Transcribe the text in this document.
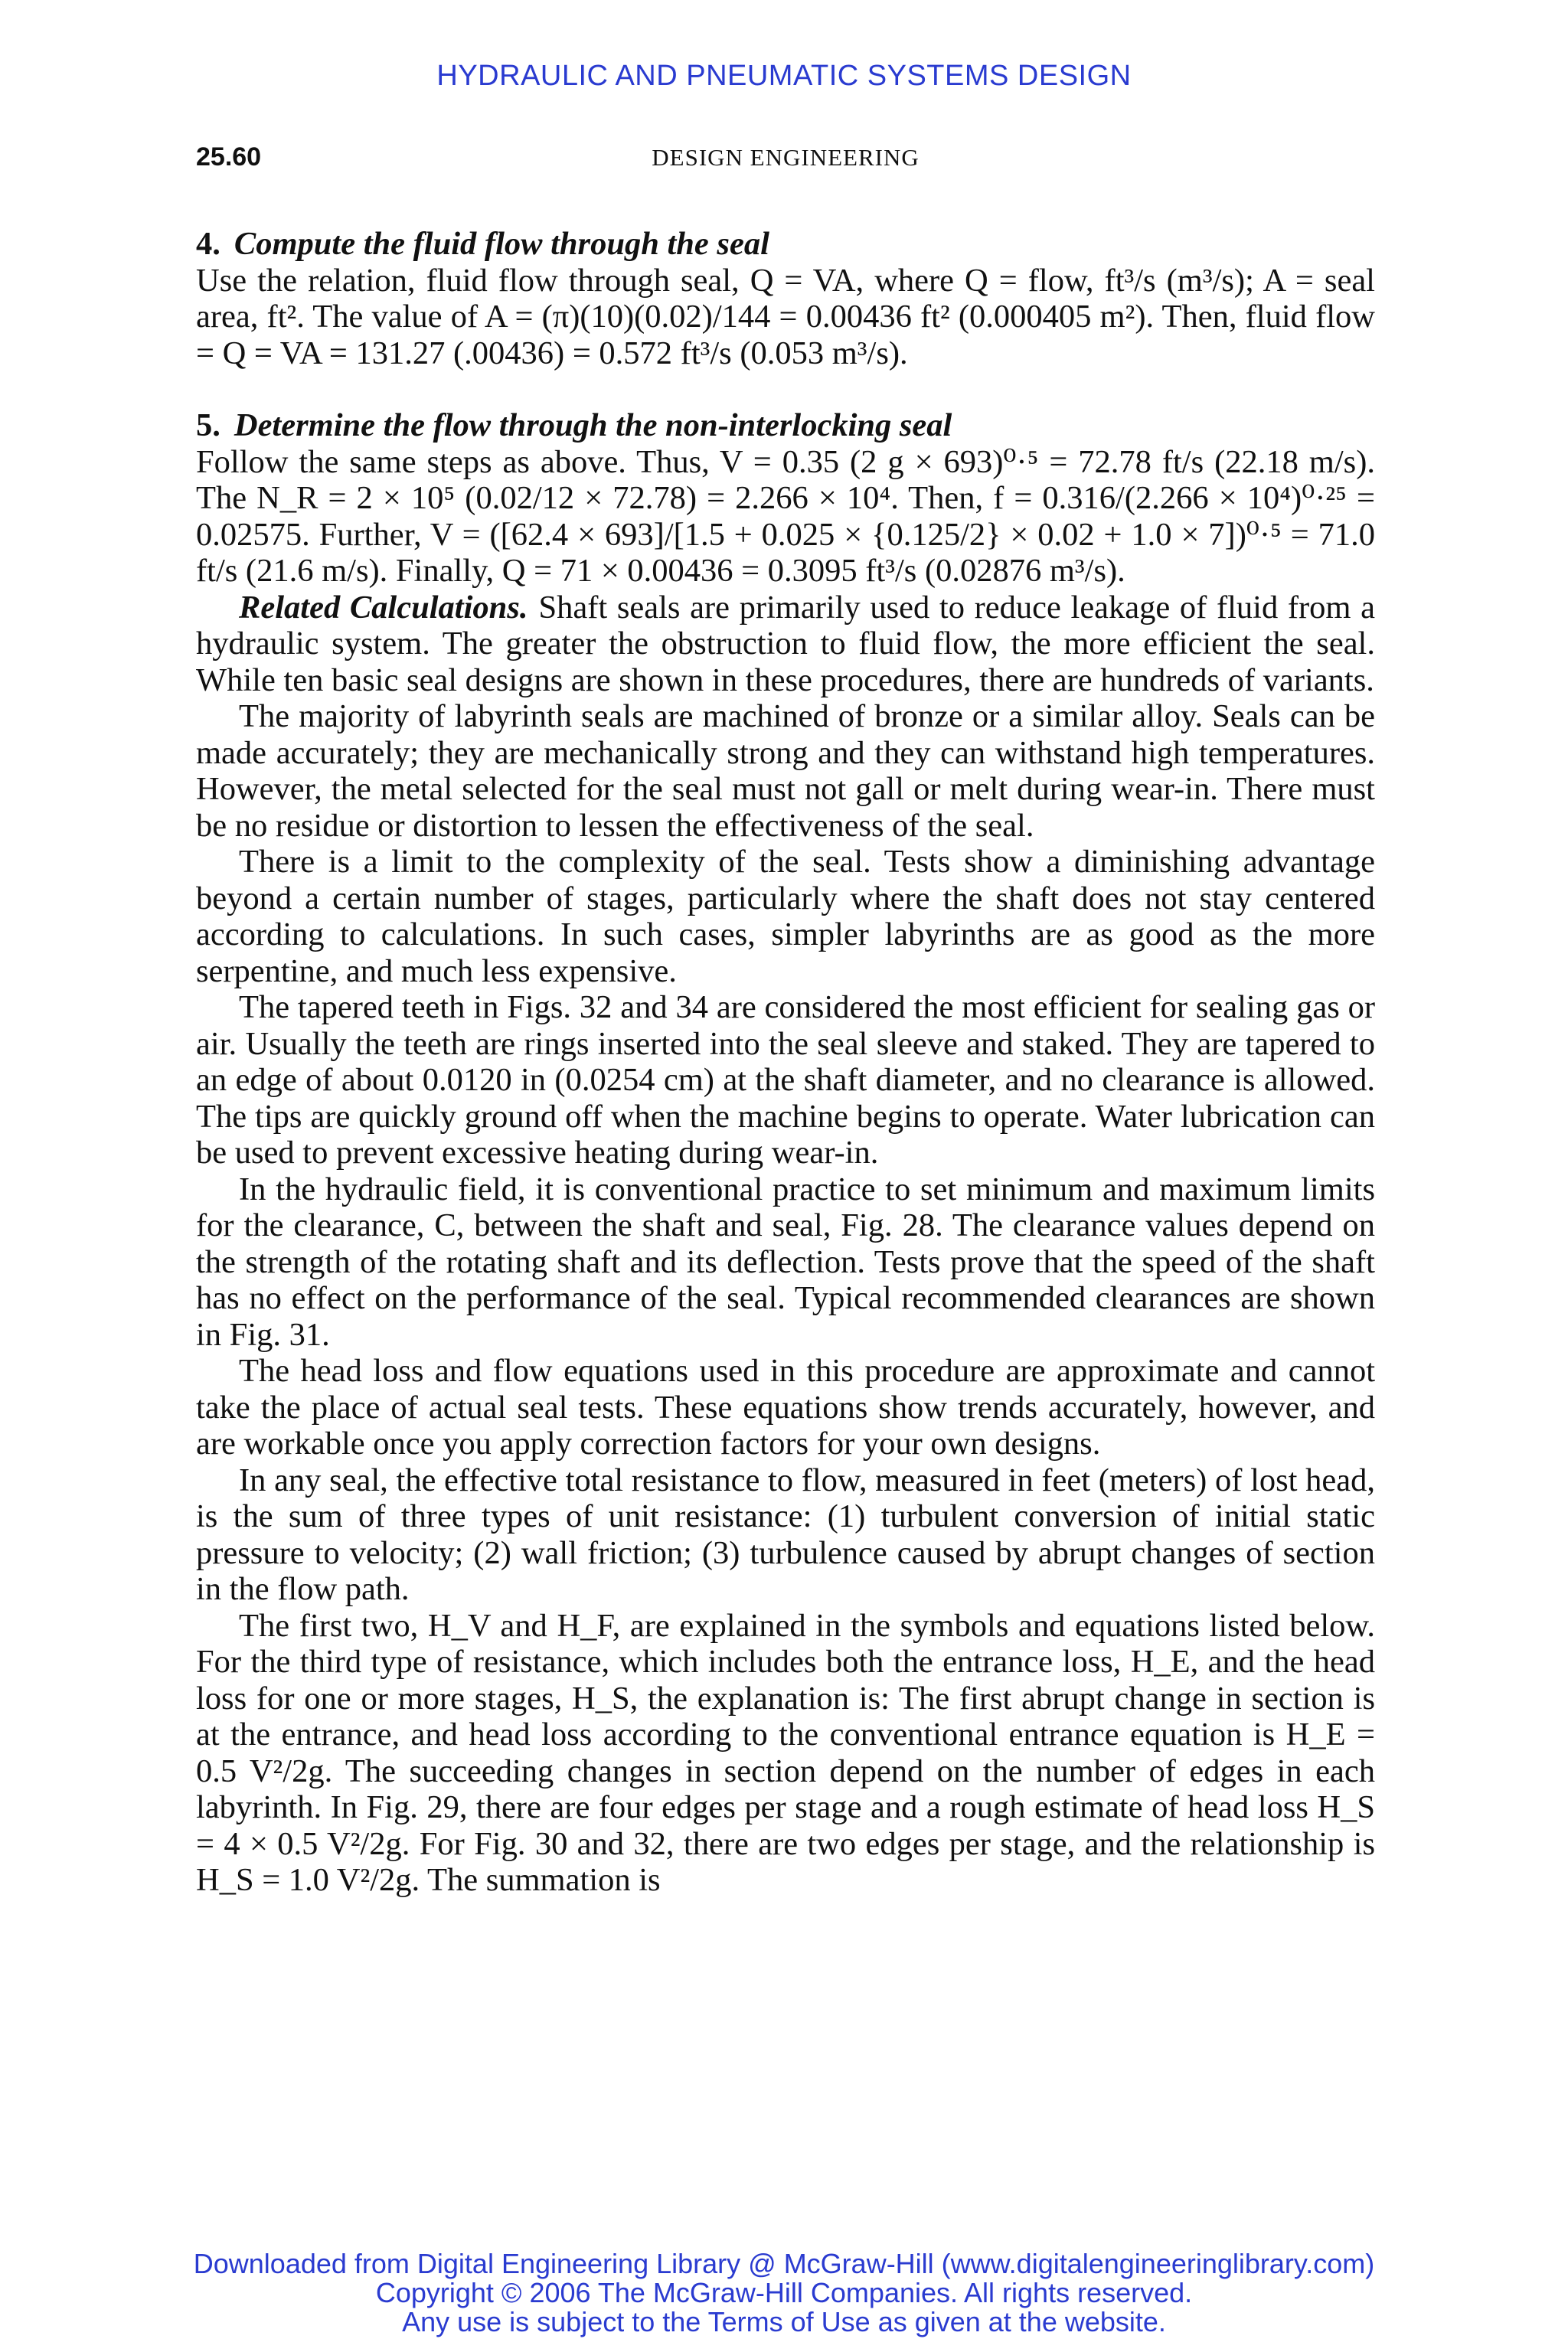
HYDRAULIC AND PNEUMATIC SYSTEMS DESIGN
25.60	DESIGN ENGINEERING
4. Compute the fluid flow through the seal

Use the relation, fluid flow through seal, Q = VA, where Q = flow, ft³/s (m³/s); A = seal area, ft². The value of A = (π)(10)(0.02)/144 = 0.00436 ft² (0.000405 m²). Then, fluid flow = Q = VA = 131.27 (.00436) = 0.572 ft³/s (0.053 m³/s).

5. Determine the flow through the non-interlocking seal

Follow the same steps as above. Thus, V = 0.35 (2 g × 693)⁰·⁵ = 72.78 ft/s (22.18 m/s). The N_R = 2 × 10⁵ (0.02/12 × 72.78) = 2.266 × 10⁴. Then, f = 0.316/(2.266 × 10⁴)⁰·²⁵ = 0.02575. Further, V = ([62.4 × 693]/[1.5 + 0.025 × {0.125/2} × 0.02 + 1.0 × 7])⁰·⁵ = 71.0 ft/s (21.6 m/s). Finally, Q = 71 × 0.00436 = 0.3095 ft³/s (0.02876 m³/s).

Related Calculations. Shaft seals are primarily used to reduce leakage of fluid from a hydraulic system. The greater the obstruction to fluid flow, the more efficient the seal. While ten basic seal designs are shown in these procedures, there are hundreds of variants.

The majority of labyrinth seals are machined of bronze or a similar alloy. Seals can be made accurately; they are mechanically strong and they can withstand high temperatures. However, the metal selected for the seal must not gall or melt during wear-in. There must be no residue or distortion to lessen the effectiveness of the seal.

There is a limit to the complexity of the seal. Tests show a diminishing advantage beyond a certain number of stages, particularly where the shaft does not stay centered according to calculations. In such cases, simpler labyrinths are as good as the more serpentine, and much less expensive.

The tapered teeth in Figs. 32 and 34 are considered the most efficient for sealing gas or air. Usually the teeth are rings inserted into the seal sleeve and staked. They are tapered to an edge of about 0.0120 in (0.0254 cm) at the shaft diameter, and no clearance is allowed. The tips are quickly ground off when the machine begins to operate. Water lubrication can be used to prevent excessive heating during wear-in.

In the hydraulic field, it is conventional practice to set minimum and maximum limits for the clearance, C, between the shaft and seal, Fig. 28. The clearance values depend on the strength of the rotating shaft and its deflection. Tests prove that the speed of the shaft has no effect on the performance of the seal. Typical recommended clearances are shown in Fig. 31.

The head loss and flow equations used in this procedure are approximate and cannot take the place of actual seal tests. These equations show trends accurately, however, and are workable once you apply correction factors for your own designs.

In any seal, the effective total resistance to flow, measured in feet (meters) of lost head, is the sum of three types of unit resistance: (1) turbulent conversion of initial static pressure to velocity; (2) wall friction; (3) turbulence caused by abrupt changes of section in the flow path.

The first two, H_V and H_F, are explained in the symbols and equations listed below. For the third type of resistance, which includes both the entrance loss, H_E, and the head loss for one or more stages, H_S, the explanation is: The first abrupt change in section is at the entrance, and head loss according to the conventional entrance equation is H_E = 0.5 V²/2g. The succeeding changes in section depend on the number of edges in each labyrinth. In Fig. 29, there are four edges per stage and a rough estimate of head loss H_S = 4 × 0.5 V²/2g. For Fig. 30 and 32, there are two edges per stage, and the relationship is H_S = 1.0 V²/2g. The summation is

Downloaded from Digital Engineering Library @ McGraw-Hill (www.digitalengineeringlibrary.com)
Copyright © 2006 The McGraw-Hill Companies. All rights reserved.
Any use is subject to the Terms of Use as given at the website.
